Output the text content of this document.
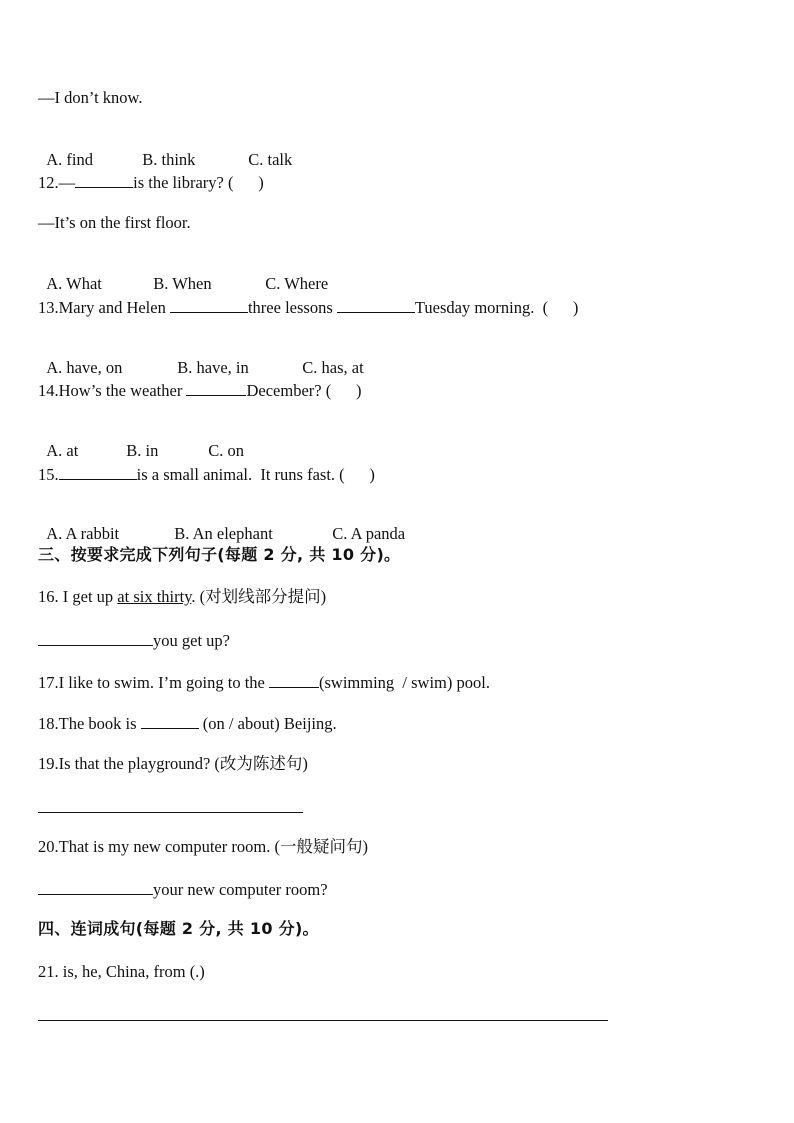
—I don’t know.

A. find	B. think	C. talk

12.—	is the library? (      )
—It’s on the first floor.

A. What	B. When	C. Where

13.Mary and Helen	three lessons	Tuesday morning. (      )

A. have, on	B. have, in	C. has, at

14.How’s the weather	December? (      )

A. at	B. in	C. on

15.	is a small animal.  It runs fast. (      )

A. A rabbit	B. An elephant	C. A panda

三、按要求完成下列句子(每题 2 分, 共 10 分)。
16. I get up at six thirty. (对划线部分提问)
you get up?
17.I like to swim. I’m going to the	(swimming  / swim) pool.
18.The book is	(on / about) Beijing.
19.Is that the playground? (改为陈述句)
20.That is my new computer room. (一般疑问句)
your new computer room?
四、连词成句(每题 2 分, 共 10 分)。
21. is, he, China, from (.)
